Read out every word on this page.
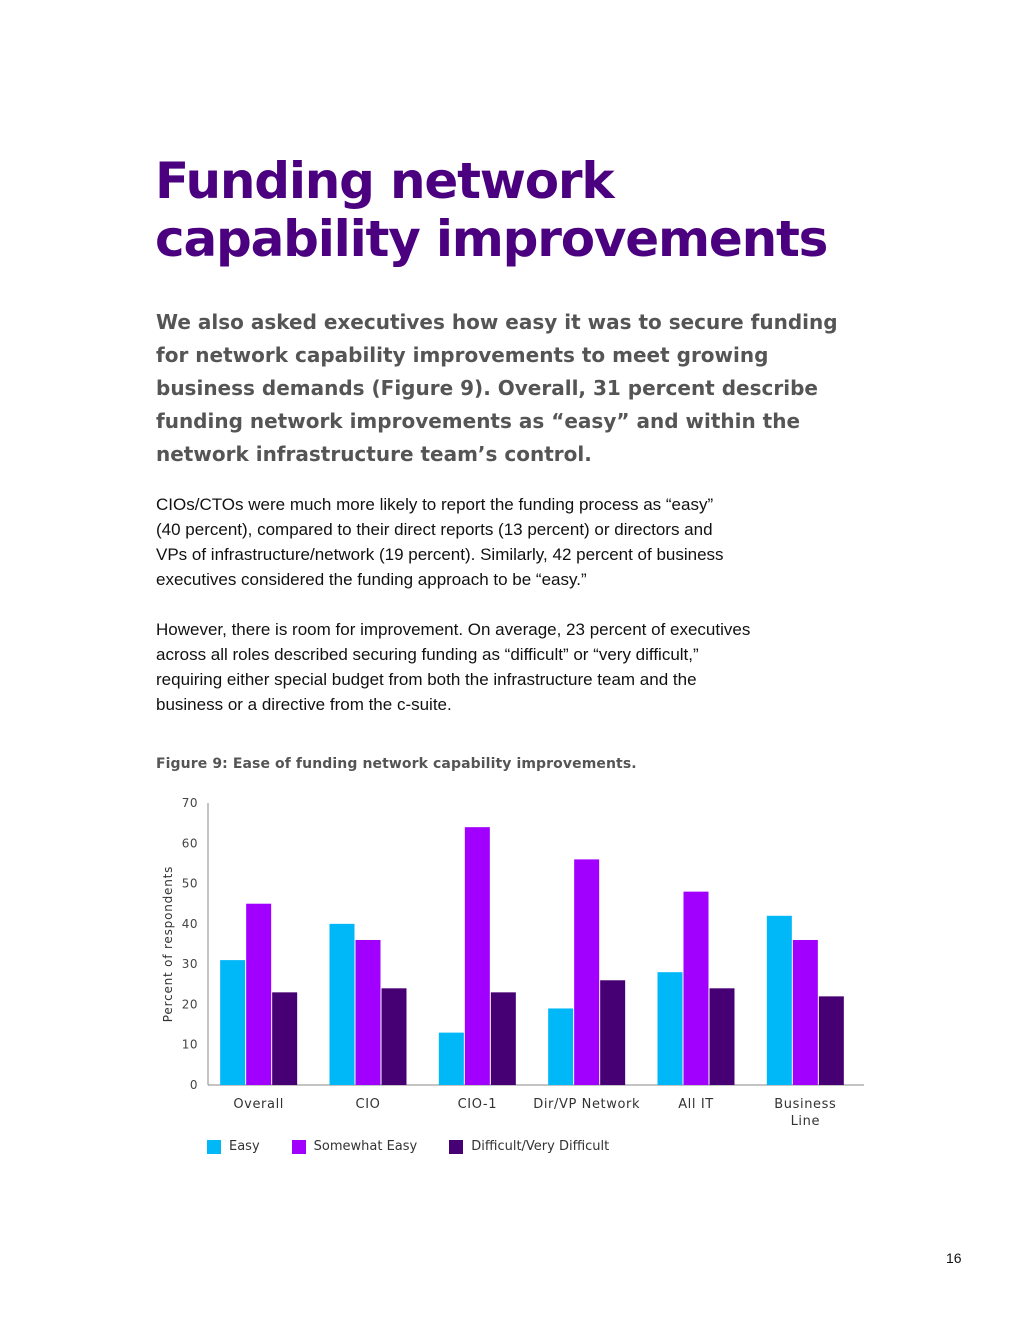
Funding network
capability improvements
We also asked executives how easy it was to secure funding
for network capability improvements to meet growing
business demands (Figure 9). Overall, 31 percent describe
funding network improvements as “easy” and within the
network infrastructure team’s control.
CIOs/CTOs were much more likely to report the funding process as “easy”
(40 percent), compared to their direct reports (13 percent) or directors and
VPs of infrastructure/network (19 percent). Similarly, 42 percent of business
executives considered the funding approach to be “easy.”
However, there is room for improvement. On average, 23 percent of executives
across all roles described securing funding as “difficult” or “very difficult,”
requiring either special budget from both the infrastructure team and the
business or a directive from the c-suite.

Figure 9: Ease of funding network capability improvements.

0
10
20
30
40
50
60
70
Percent of respondents
Overall	CIO	CIO-1	Dir/VP Network	All IT	Business
Line
Easy	Somewhat Easy	Difficult/Very Difficult
16
